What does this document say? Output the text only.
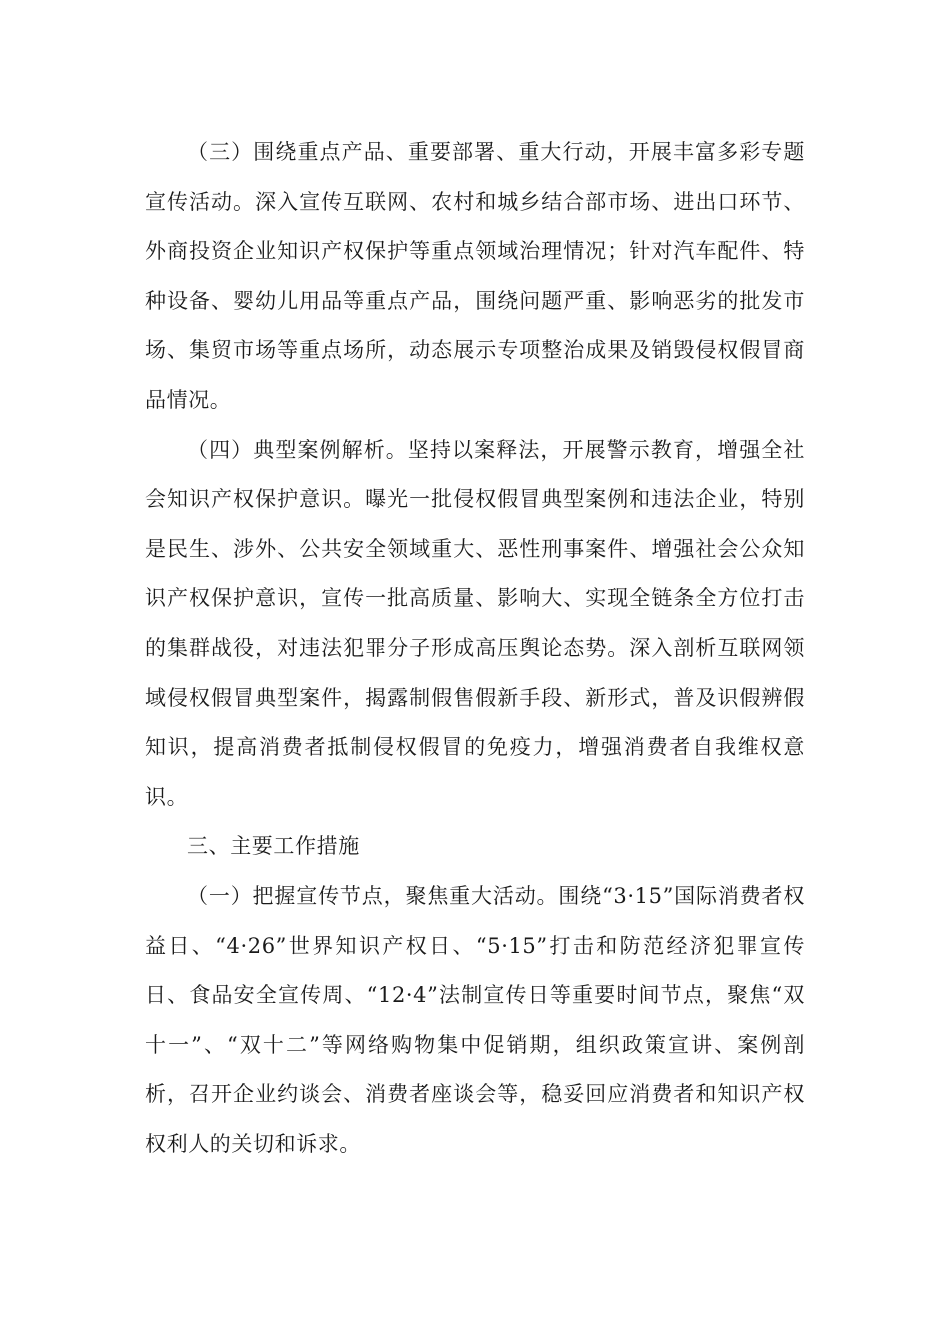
（三）围绕重点产品、重要部署、重大行动，开展丰富多彩专题宣传活动。深入宣传互联网、农村和城乡结合部市场、进出口环节、外商投资企业知识产权保护等重点领域治理情况；针对汽车配件、特种设备、婴幼儿用品等重点产品，围绕问题严重、影响恶劣的批发市场、集贸市场等重点场所，动态展示专项整治成果及销毁侵权假冒商品情况。

（四）典型案例解析。坚持以案释法，开展警示教育，增强全社会知识产权保护意识。曝光一批侵权假冒典型案例和违法企业，特别是民生、涉外、公共安全领域重大、恶性刑事案件、增强社会公众知识产权保护意识，宣传一批高质量、影响大、实现全链条全方位打击的集群战役，对违法犯罪分子形成高压舆论态势。深入剖析互联网领域侵权假冒典型案件，揭露制假售假新手段、新形式，普及识假辨假知识，提高消费者抵制侵权假冒的免疫力，增强消费者自我维权意识。

三、主要工作措施

（一）把握宣传节点，聚焦重大活动。围绕“3·15”国际消费者权益日、“4·26”世界知识产权日、“5·15”打击和防范经济犯罪宣传日、食品安全宣传周、“12·4”法制宣传日等重要时间节点，聚焦“双十一”、“双十二”等网络购物集中促销期，组织政策宣讲、案例剖析，召开企业约谈会、消费者座谈会等，稳妥回应消费者和知识产权权利人的关切和诉求。
